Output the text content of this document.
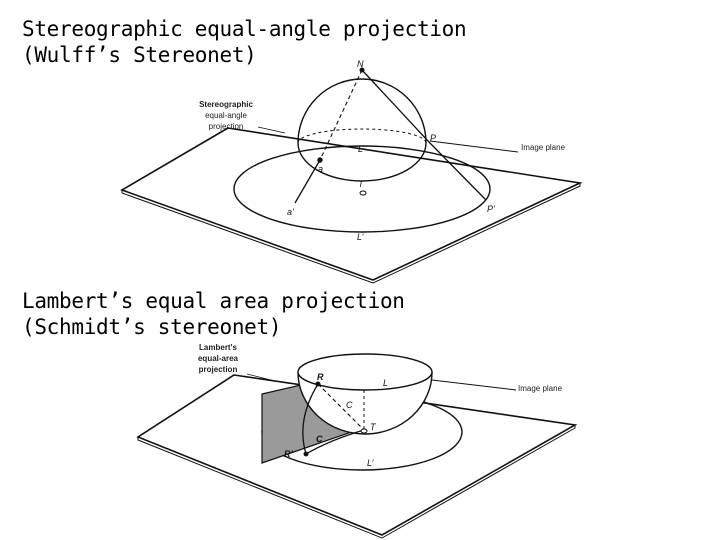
Stereographic equal-angle projection
(Wulff’s Stereonet)
Lambert’s equal area projection
(Schmidt’s stereonet)
Stereographic
equal-angle
projection
Image plane
N
P
L
a
T
a’	P’
L’
Lambert's
equal-area
projection
Image plane
R
L
C
T
C
R’
L’
